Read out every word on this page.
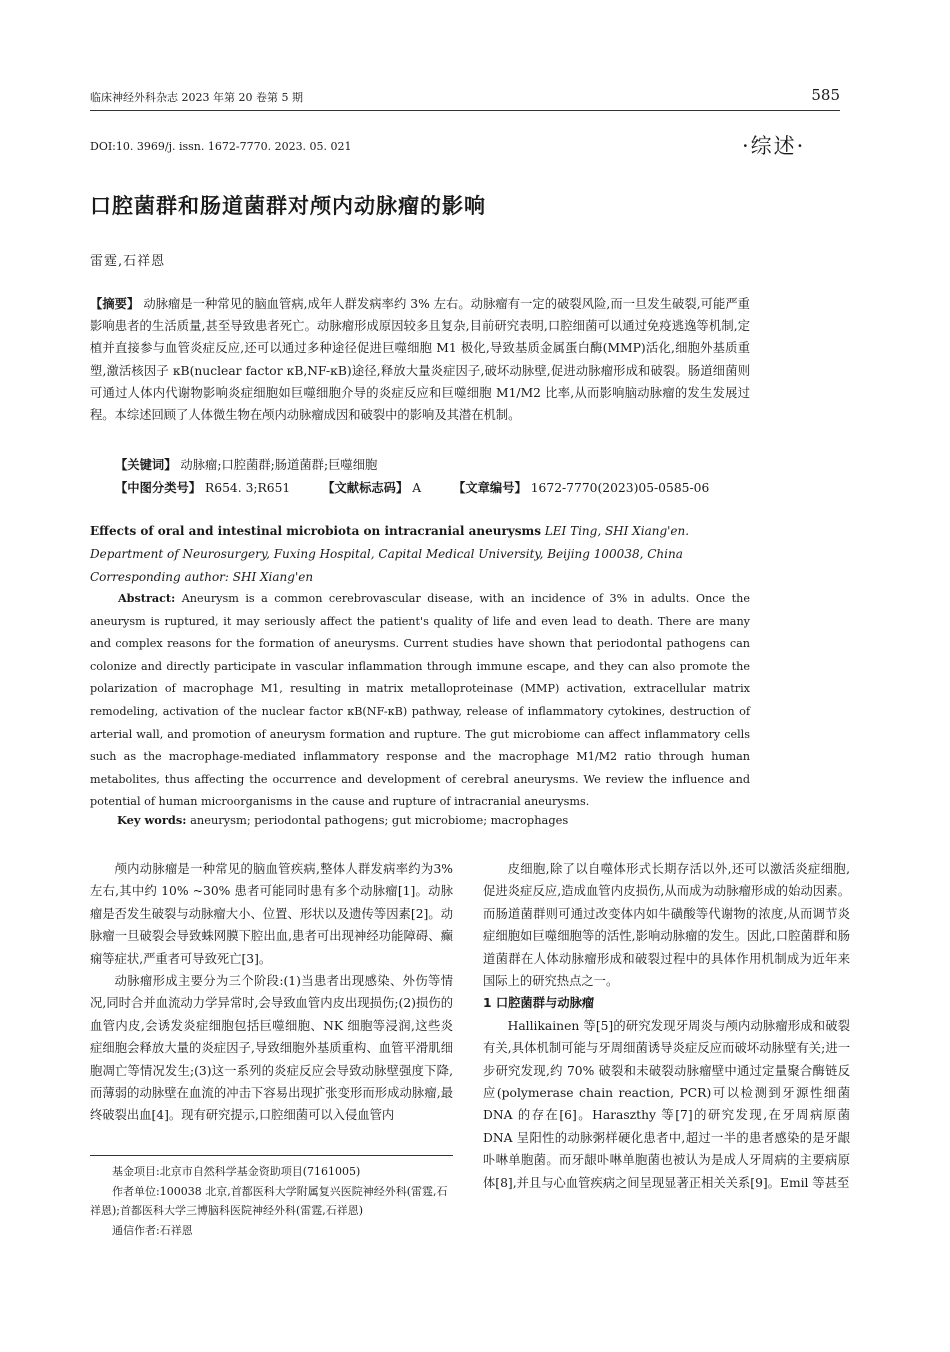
临床神经外科杂志 2023 年第 20 卷第 5 期	585
DOI:10. 3969/j. issn. 1672-7770. 2023. 05. 021	·综述·
口腔菌群和肠道菌群对颅内动脉瘤的影响
雷霆,石祥恩
【摘要】 动脉瘤是一种常见的脑血管病,成年人群发病率约 3% 左右。动脉瘤有一定的破裂风险,而一旦发生破裂,可能严重影响患者的生活质量,甚至导致患者死亡。动脉瘤形成原因较多且复杂,目前研究表明,口腔细菌可以通过免疫逃逸等机制,定植并直接参与血管炎症反应,还可以通过多种途径促进巨噬细胞 M1 极化,导致基质金属蛋白酶(MMP)活化,细胞外基质重塑,激活核因子 κB(nuclear factor κB,NF-κB)途径,释放大量炎症因子,破坏动脉壁,促进动脉瘤形成和破裂。肠道细菌则可通过人体内代谢物影响炎症细胞如巨噬细胞介导的炎症反应和巨噬细胞 M1/M2 比率,从而影响脑动脉瘤的发生发展过程。本综述回顾了人体微生物在颅内动脉瘤成因和破裂中的影响及其潜在机制。
【关键词】 动脉瘤;口腔菌群;肠道菌群;巨噬细胞
【中图分类号】 R654. 3;R651	【文献标志码】 A	【文章编号】 1672-7770(2023)05-0585-06
Effects of oral and intestinal microbiota on intracranial aneurysms LEI Ting, SHI Xiang'en. Department of Neurosurgery, Fuxing Hospital, Capital Medical University, Beijing 100038, China
Corresponding author: SHI Xiang'en
Abstract: Aneurysm is a common cerebrovascular disease, with an incidence of 3% in adults. Once the aneurysm is ruptured, it may seriously affect the patient's quality of life and even lead to death. There are many and complex reasons for the formation of aneurysms. Current studies have shown that periodontal pathogens can colonize and directly participate in vascular inflammation through immune escape, and they can also promote the polarization of macrophage M1, resulting in matrix metalloproteinase (MMP) activation, extracellular matrix remodeling, activation of the nuclear factor κB(NF-κB) pathway, release of inflammatory cytokines, destruction of arterial wall, and promotion of aneurysm formation and rupture. The gut microbiome can affect inflammatory cells such as the macrophage-mediated inflammatory response and the macrophage M1/M2 ratio through human metabolites, thus affecting the occurrence and development of cerebral aneurysms. We review the influence and potential of human microorganisms in the cause and rupture of intracranial aneurysms.
Key words: aneurysm; periodontal pathogens; gut microbiome; macrophages

颅内动脉瘤是一种常见的脑血管疾病,整体人群发病率约为3%左右,其中约 10% ~30% 患者可能同时患有多个动脉瘤[1]。动脉瘤是否发生破裂与动脉瘤大小、位置、形状以及遗传等因素[2]。动脉瘤一旦破裂会导致蛛网膜下腔出血,患者可出现神经功能障碍、癫痫等症状,严重者可导致死亡[3]。

动脉瘤形成主要分为三个阶段:(1)当患者出现感染、外伤等情况,同时合并血流动力学异常时,会导致血管内皮出现损伤;(2)损伤的血管内皮,会诱发炎症细胞包括巨噬细胞、NK 细胞等浸润,这些炎症细胞会释放大量的炎症因子,导致细胞外基质重构、血管平滑肌细胞凋亡等情况发生;(3)这一系列的炎症反应会导致动脉壁强度下降,而薄弱的动脉壁在血流的冲击下容易出现扩张变形而形成动脉瘤,最终破裂出血[4]。现有研究提示,口腔细菌可以入侵血管内

皮细胞,除了以自噬体形式长期存活以外,还可以激活炎症细胞,促进炎症反应,造成血管内皮损伤,从而成为动脉瘤形成的始动因素。而肠道菌群则可通过改变体内如牛磺酸等代谢物的浓度,从而调节炎症细胞如巨噬细胞等的活性,影响动脉瘤的发生。因此,口腔菌群和肠道菌群在人体动脉瘤形成和破裂过程中的具体作用机制成为近年来国际上的研究热点之一。

1 口腔菌群与动脉瘤

Hallikainen 等[5]的研究发现牙周炎与颅内动脉瘤形成和破裂有关,具体机制可能与牙周细菌诱导炎症反应而破坏动脉壁有关;进一步研究发现,约 70% 破裂和未破裂动脉瘤壁中通过定量聚合酶链反应(polymerase chain reaction, PCR)可以检测到牙源性细菌 DNA 的存在[6]。Haraszthy 等[7]的研究发现,在牙周病原菌 DNA 呈阳性的动脉粥样硬化患者中,超过一半的患者感染的是牙龈卟啉单胞菌。而牙龈卟啉单胞菌也被认为是成人牙周病的主要病原体[8],并且与心血管疾病之间呈现显著正相关关系[9]。Emil 等甚至

基金项目:北京市自然科学基金资助项目(7161005)
作者单位:100038 北京,首都医科大学附属复兴医院神经外科(雷霆,石祥恩);首都医科大学三博脑科医院神经外科(雷霆,石祥恩)
通信作者:石祥恩
